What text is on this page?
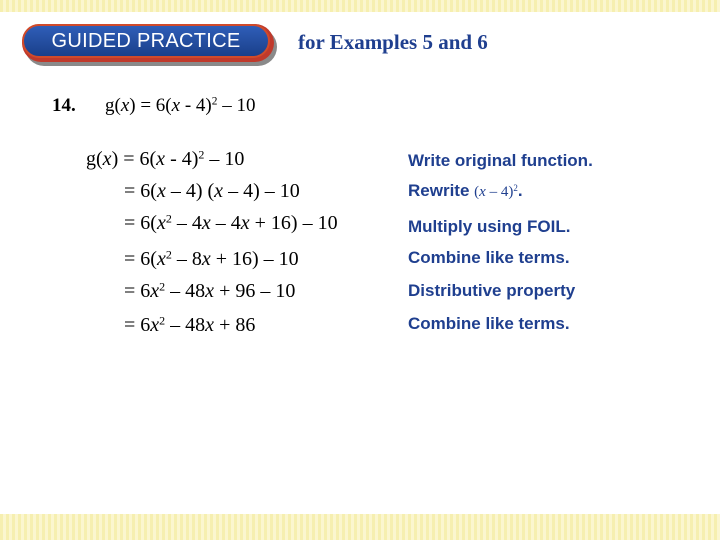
GUIDED PRACTICE	for Examples 5 and 6
14. g(x) = 6(x - 4)$^2$ – 10
g(x) = 6(x - 4)$^2$ – 10
= 6(x – 4) (x – 4) – 10
= $6(x^2 - 4x - 4x + 16) - 10$
= $6(x^2 - 8x + 16) - 10$
= $6x^2 - 48x + 96 - 10$
= $6x^2 - 48x + 86$
Write original function.
Rewrite (x – 4)$^2$.
Multiply using FOIL.
Combine like terms.
Distributive property
Combine like terms.
